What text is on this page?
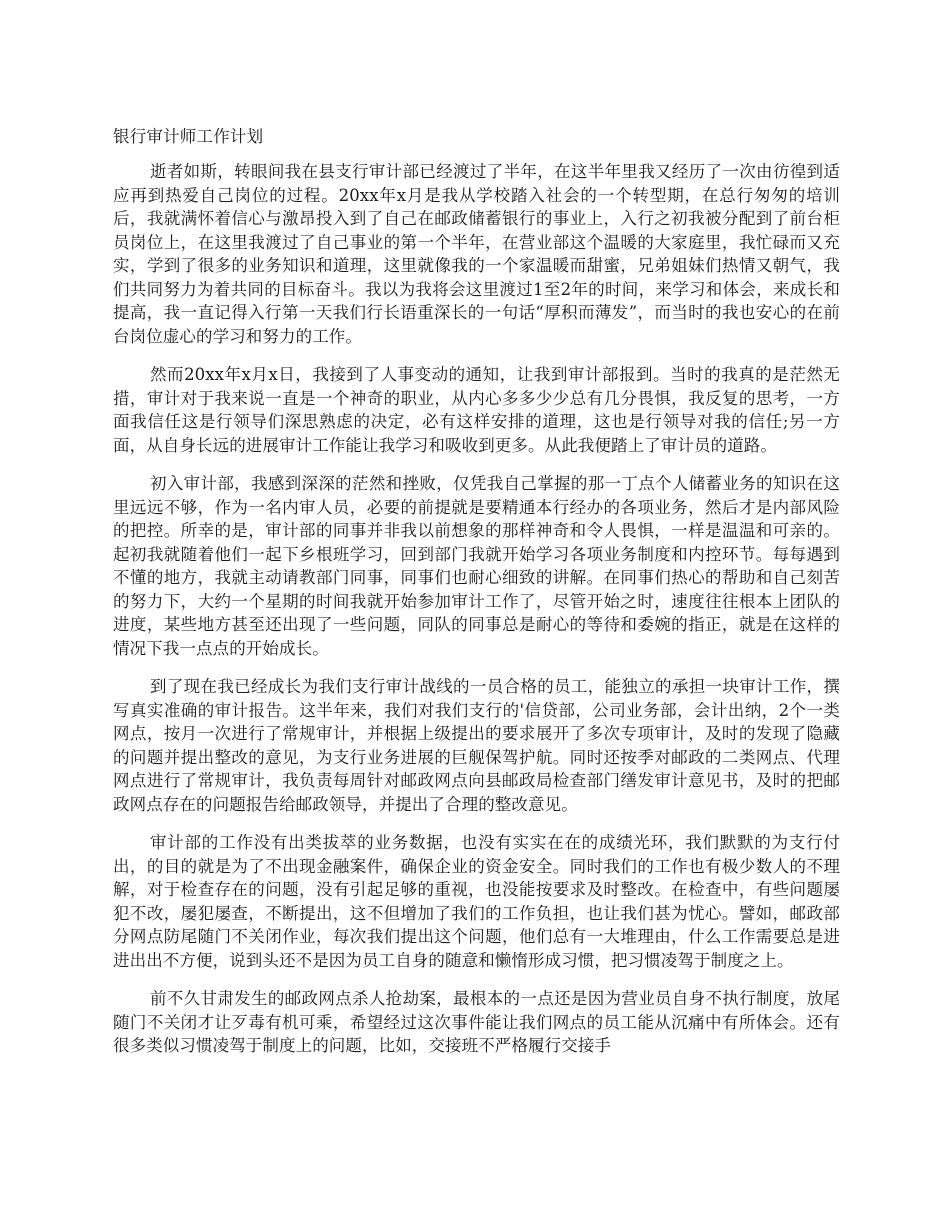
银行审计师工作计划

逝者如斯，转眼间我在县支行审计部已经渡过了半年，在这半年里我又经历了一次由彷徨到适应再到热爱自己岗位的过程。20xx年x月是我从学校踏入社会的一个转型期，在总行匆匆的培训后，我就满怀着信心与激昂投入到了自己在邮政储蓄银行的事业上，入行之初我被分配到了前台柜员岗位上，在这里我渡过了自己事业的第一个半年，在营业部这个温暖的大家庭里，我忙碌而又充实，学到了很多的业务知识和道理，这里就像我的一个家温暖而甜蜜，兄弟姐妹们热情又朝气，我们共同努力为着共同的目标奋斗。我以为我将会这里渡过1至2年的时间，来学习和体会，来成长和提高，我一直记得入行第一天我们行长语重深长的一句话“厚积而薄发”，而当时的我也安心的在前台岗位虚心的学习和努力的工作。

然而20xx年x月x日，我接到了人事变动的通知，让我到审计部报到。当时的我真的是茫然无措，审计对于我来说一直是一个神奇的职业，从内心多多少少总有几分畏惧，我反复的思考，一方面我信任这是行领导们深思熟虑的决定，必有这样安排的道理，这也是行领导对我的信任;另一方面，从自身长远的进展审计工作能让我学习和吸收到更多。从此我便踏上了审计员的道路。

初入审计部，我感到深深的茫然和挫败，仅凭我自己掌握的那一丁点个人储蓄业务的知识在这里远远不够，作为一名内审人员，必要的前提就是要精通本行经办的各项业务，然后才是内部风险的把控。所幸的是，审计部的同事并非我以前想象的那样神奇和令人畏惧，一样是温温和可亲的。起初我就随着他们一起下乡根班学习，回到部门我就开始学习各项业务制度和内控环节。每每遇到不懂的地方，我就主动请教部门同事，同事们也耐心细致的讲解。在同事们热心的帮助和自己刻苦的努力下，大约一个星期的时间我就开始参加审计工作了，尽管开始之时，速度往往根本上团队的进度，某些地方甚至还出现了一些问题，同队的同事总是耐心的等待和委婉的指正，就是在这样的情况下我一点点的开始成长。

到了现在我已经成长为我们支行审计战线的一员合格的员工，能独立的承担一块审计工作，撰写真实准确的审计报告。这半年来，我们对我们支行的'信贷部，公司业务部，会计出纳，2个一类网点，按月一次进行了常规审计，并根据上级提出的要求展开了多次专项审计，及时的发现了隐藏的问题并提出整改的意见，为支行业务进展的巨舰保驾护航。同时还按季对邮政的二类网点、代理网点进行了常规审计，我负责每周针对邮政网点向县邮政局检查部门缮发审计意见书，及时的把邮政网点存在的问题报告给邮政领导，并提出了合理的整改意见。

审计部的工作没有出类拔萃的业务数据，也没有实实在在的成绩光环，我们默默的为支行付出，的目的就是为了不出现金融案件，确保企业的资金安全。同时我们的工作也有极少数人的不理解，对于检查存在的问题，没有引起足够的重视，也没能按要求及时整改。在检查中，有些问题屡犯不改，屡犯屡查，不断提出，这不但增加了我们的工作负担，也让我们甚为忧心。譬如，邮政部分网点防尾随门不关闭作业，每次我们提出这个问题，他们总有一大堆理由，什么工作需要总是进进出出不方便，说到头还不是因为员工自身的随意和懒惰形成习惯，把习惯凌驾于制度之上。

前不久甘肃发生的邮政网点杀人抢劫案，最根本的一点还是因为营业员自身不执行制度，放尾随门不关闭才让歹毒有机可乘，希望经过这次事件能让我们网点的员工能从沉痛中有所体会。还有很多类似习惯凌驾于制度上的问题，比如，交接班不严格履行交接手
